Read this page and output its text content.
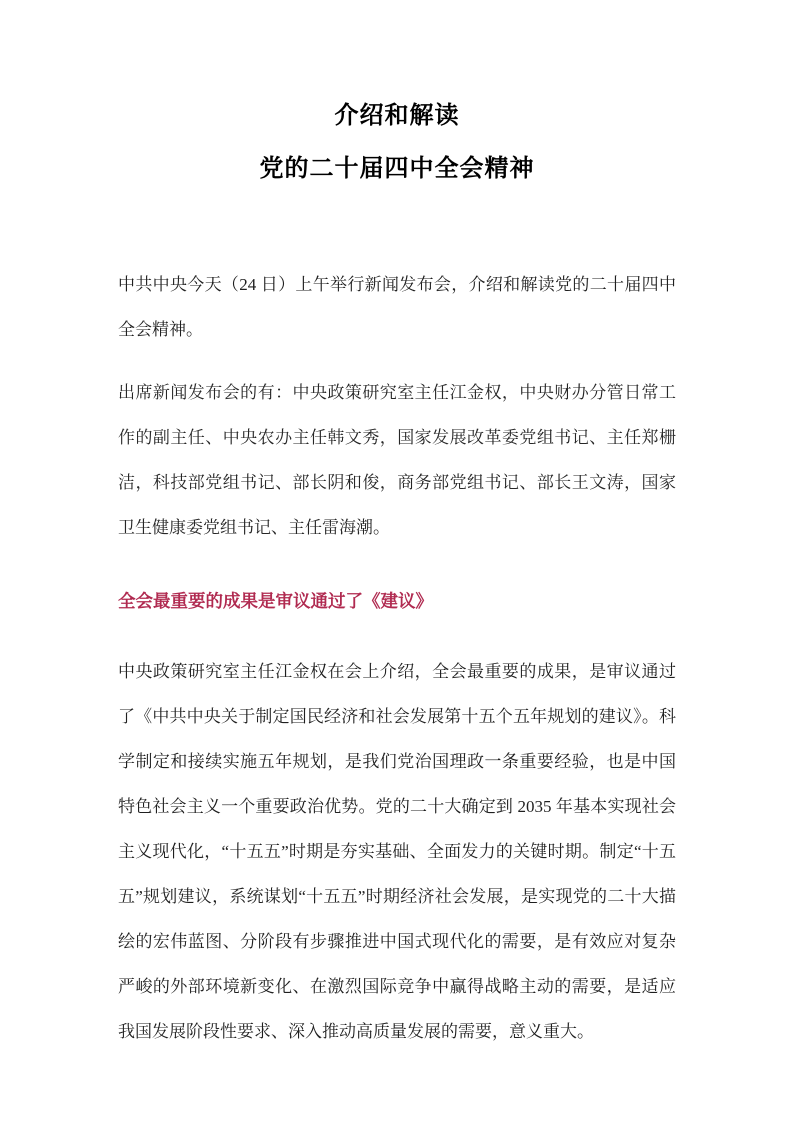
介绍和解读
党的二十届四中全会精神

中共中央今天（24 日）上午举行新闻发布会，介绍和解读党的二十届四中全会精神。

出席新闻发布会的有：中央政策研究室主任江金权，中央财办分管日常工作的副主任、中央农办主任韩文秀，国家发展改革委党组书记、主任郑栅洁，科技部党组书记、部长阴和俊，商务部党组书记、部长王文涛，国家卫生健康委党组书记、主任雷海潮。

全会最重要的成果是审议通过了《建议》

中央政策研究室主任江金权在会上介绍，全会最重要的成果，是审议通过了《中共中央关于制定国民经济和社会发展第十五个五年规划的建议》。科学制定和接续实施五年规划，是我们党治国理政一条重要经验，也是中国特色社会主义一个重要政治优势。党的二十大确定到 2035 年基本实现社会主义现代化，“十五五”时期是夯实基础、全面发力的关键时期。制定“十五五”规划建议，系统谋划“十五五”时期经济社会发展，是实现党的二十大描绘的宏伟蓝图、分阶段有步骤推进中国式现代化的需要，是有效应对复杂严峻的外部环境新变化、在激烈国际竞争中赢得战略主动的需要，是适应我国发展阶段性要求、深入推动高质量发展的需要，意义重大。
